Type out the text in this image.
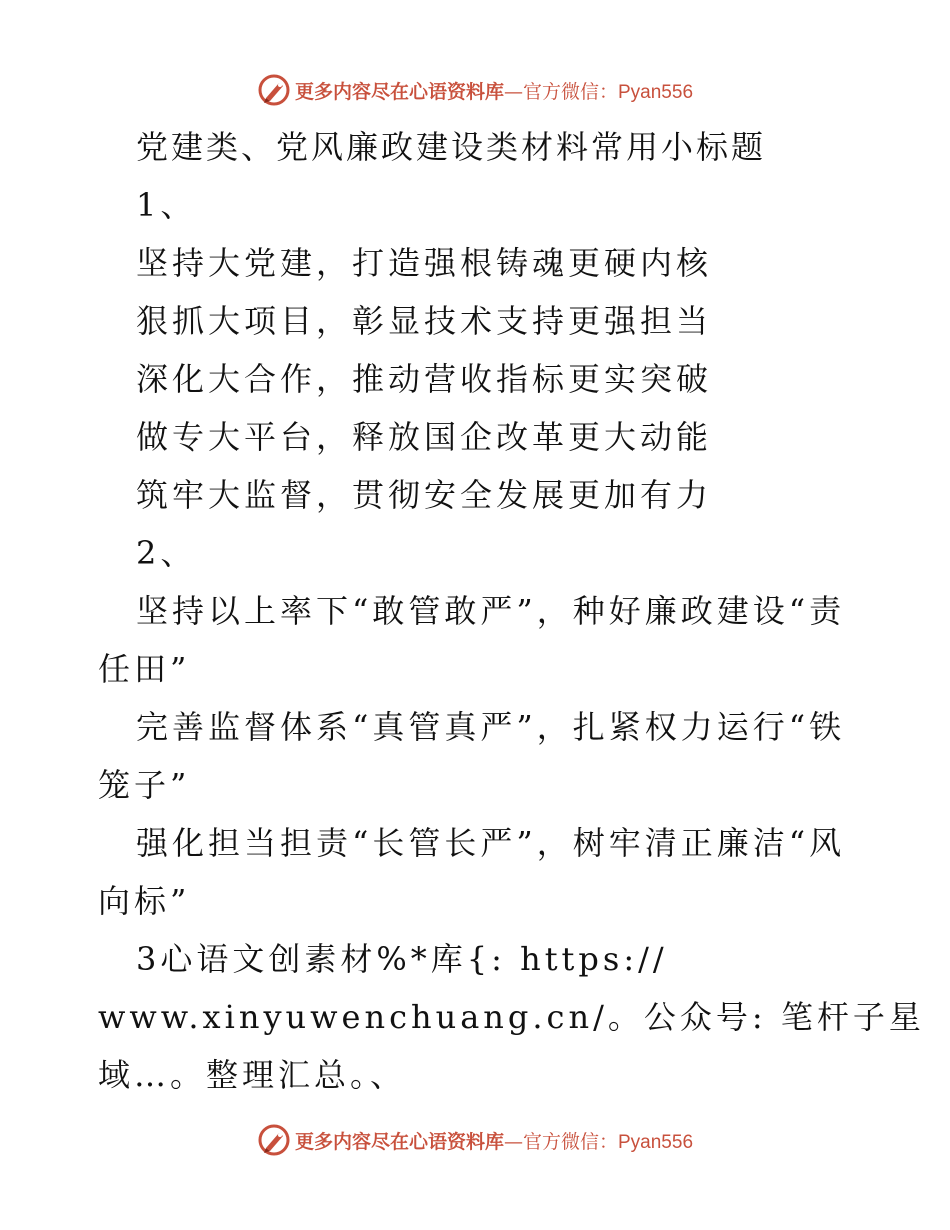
更多内容尽在心语资料库—官方微信：Pyan556
党建类、党风廉政建设类材料常用小标题
1、
坚持大党建，打造强根铸魂更硬内核
狠抓大项目，彰显技术支持更强担当
深化大合作，推动营收指标更实突破
做专大平台，释放国企改革更大动能
筑牢大监督，贯彻安全发展更加有力
2、
坚持以上率下“敢管敢严”，种好廉政建设“责
任田”
完善监督体系“真管真严”，扎紧权力运行“铁
笼子”
强化担当担责“长管长严”，树牢清正廉洁“风
向标”
3心语文创素材%*库{: https://
www.xinyuwenchuang.cn/。公众号: 笔杆子星
域…。整理汇总。、
更多内容尽在心语资料库—官方微信：Pyan556
